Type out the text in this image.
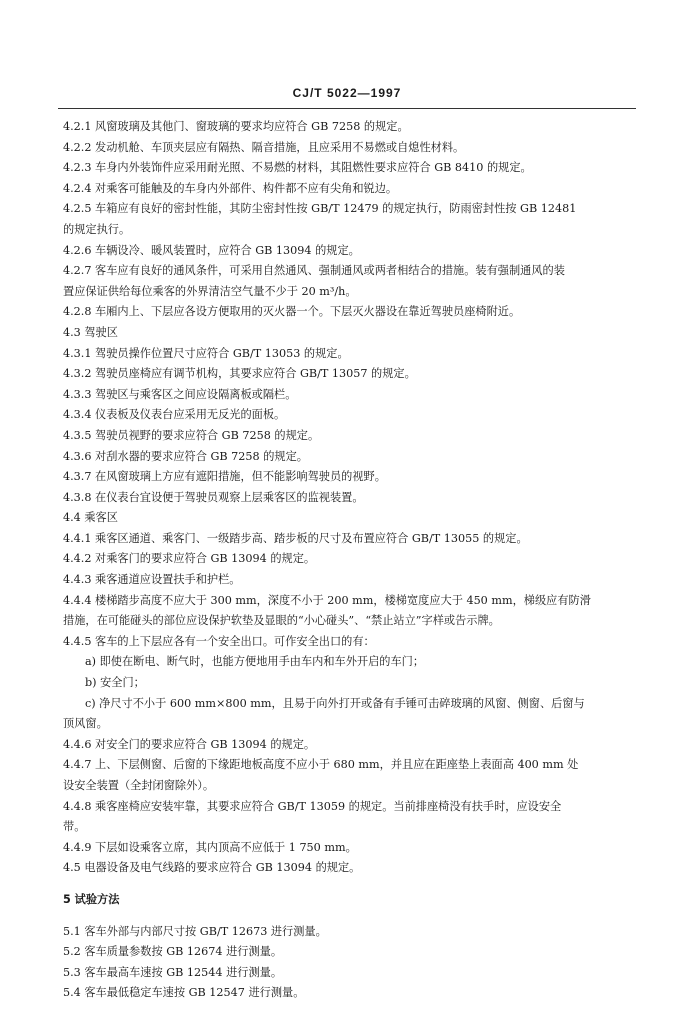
CJ/T 5022—1997
4.2.1 风窗玻璃及其他门、窗玻璃的要求均应符合 GB 7258 的规定。
4.2.2 发动机舱、车顶夹层应有隔热、隔音措施，且应采用不易燃或自熄性材料。
4.2.3 车身内外装饰件应采用耐光照、不易燃的材料，其阻燃性要求应符合 GB 8410 的规定。
4.2.4 对乘客可能触及的车身内外部件、构件都不应有尖角和锐边。
4.2.5 车箱应有良好的密封性能，其防尘密封性按 GB/T 12479 的规定执行，防雨密封性按 GB 12481
的规定执行。
4.2.6 车辆设冷、暖风装置时，应符合 GB 13094 的规定。
4.2.7 客车应有良好的通风条件，可采用自然通风、强制通风或两者相结合的措施。装有强制通风的装
置应保证供给每位乘客的外界清洁空气量不少于 20 m³/h。
4.2.8 车厢内上、下层应各设方便取用的灭火器一个。下层灭火器设在靠近驾驶员座椅附近。
4.3 驾驶区
4.3.1 驾驶员操作位置尺寸应符合 GB/T 13053 的规定。
4.3.2 驾驶员座椅应有调节机构，其要求应符合 GB/T 13057 的规定。
4.3.3 驾驶区与乘客区之间应设隔离板或隔栏。
4.3.4 仪表板及仪表台应采用无反光的面板。
4.3.5 驾驶员视野的要求应符合 GB 7258 的规定。
4.3.6 对刮水器的要求应符合 GB 7258 的规定。
4.3.7 在风窗玻璃上方应有遮阳措施，但不能影响驾驶员的视野。
4.3.8 在仪表台宜设便于驾驶员观察上层乘客区的监视装置。
4.4 乘客区
4.4.1 乘客区通道、乘客门、一级踏步高、踏步板的尺寸及布置应符合 GB/T 13055 的规定。
4.4.2 对乘客门的要求应符合 GB 13094 的规定。
4.4.3 乘客通道应设置扶手和护栏。
4.4.4 楼梯踏步高度不应大于 300 mm，深度不小于 200 mm，楼梯宽度应大于 450 mm，梯级应有防滑
措施，在可能碰头的部位应设保护软垫及显眼的“小心碰头”、“禁止站立”字样或告示牌。
4.4.5 客车的上下层应各有一个安全出口。可作安全出口的有：
a) 即使在断电、断气时，也能方便地用手由车内和车外开启的车门；
b) 安全门；
c) 净尺寸不小于 600 mm×800 mm，且易于向外打开或备有手锤可击碎玻璃的风窗、侧窗、后窗与
顶风窗。
4.4.6 对安全门的要求应符合 GB 13094 的规定。
4.4.7 上、下层侧窗、后窗的下缘距地板高度不应小于 680 mm，并且应在距座垫上表面高 400 mm 处
设安全装置（全封闭窗除外）。
4.4.8 乘客座椅应安装牢靠，其要求应符合 GB/T 13059 的规定。当前排座椅没有扶手时，应设安全
带。
4.4.9 下层如设乘客立席，其内顶高不应低于 1 750 mm。
4.5 电器设备及电气线路的要求应符合 GB 13094 的规定。
5 试验方法
5.1 客车外部与内部尺寸按 GB/T 12673 进行测量。
5.2 客车质量参数按 GB 12674 进行测量。
5.3 客车最高车速按 GB 12544 进行测量。
5.4 客车最低稳定车速按 GB 12547 进行测量。
